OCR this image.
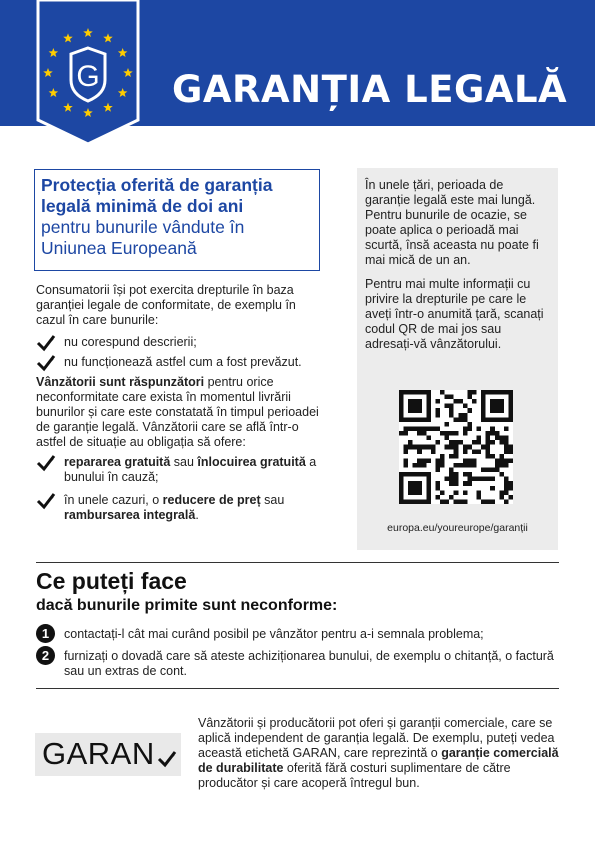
G GARANȚIA LEGALĂ
Protecția oferită de garanția
legală minimă de doi ani
pentru bunurile vândute în
Uniunea Europeană

Consumatorii își pot exercita drepturile în baza garanției legale de conformitate, de exemplu în cazul în care bunurile:

nu corespund descrierii;
nu funcționează astfel cum a fost prevăzut.

Vânzătorii sunt răspunzători pentru orice neconformitate care exista în momentul livrării bunurilor și care este constatată în timpul perioadei de garanție legală. Vânzătorii care se află într-o astfel de situație au obligația să ofere:

repararea gratuită sau înlocuirea gratuită a bunului în cauză;
în unele cazuri, o reducere de preț sau rambursarea integrală.

În unele țări, perioada de garanție legală este mai lungă. Pentru bunurile de ocazie, se poate aplica o perioadă mai scurtă, însă aceasta nu poate fi mai mică de un an.

Pentru mai multe informații cu privire la drepturile pe care le aveți într-o anumită țară, scanați codul QR de mai jos sau adresați-vă vânzătorului.

europa.eu/youreurope/garanții
Ce puteți face
dacă bunurile primite sunt neconforme:
1	contactați-l cât mai curând posibil pe vânzător pentru a-i semnala problema;
2	furnizați o dovadă care să ateste achiziționarea bunului, de exemplu o chitanță, o factură sau un extras de cont.
GARAN
Vânzătorii și producătorii pot oferi și garanții comerciale, care se aplică independent de garanția legală. De exemplu, puteți vedea această etichetă GARAN, care reprezintă o garanție comercială de durabilitate oferită fără costuri suplimentare de către producător și care acoperă întregul bun.
